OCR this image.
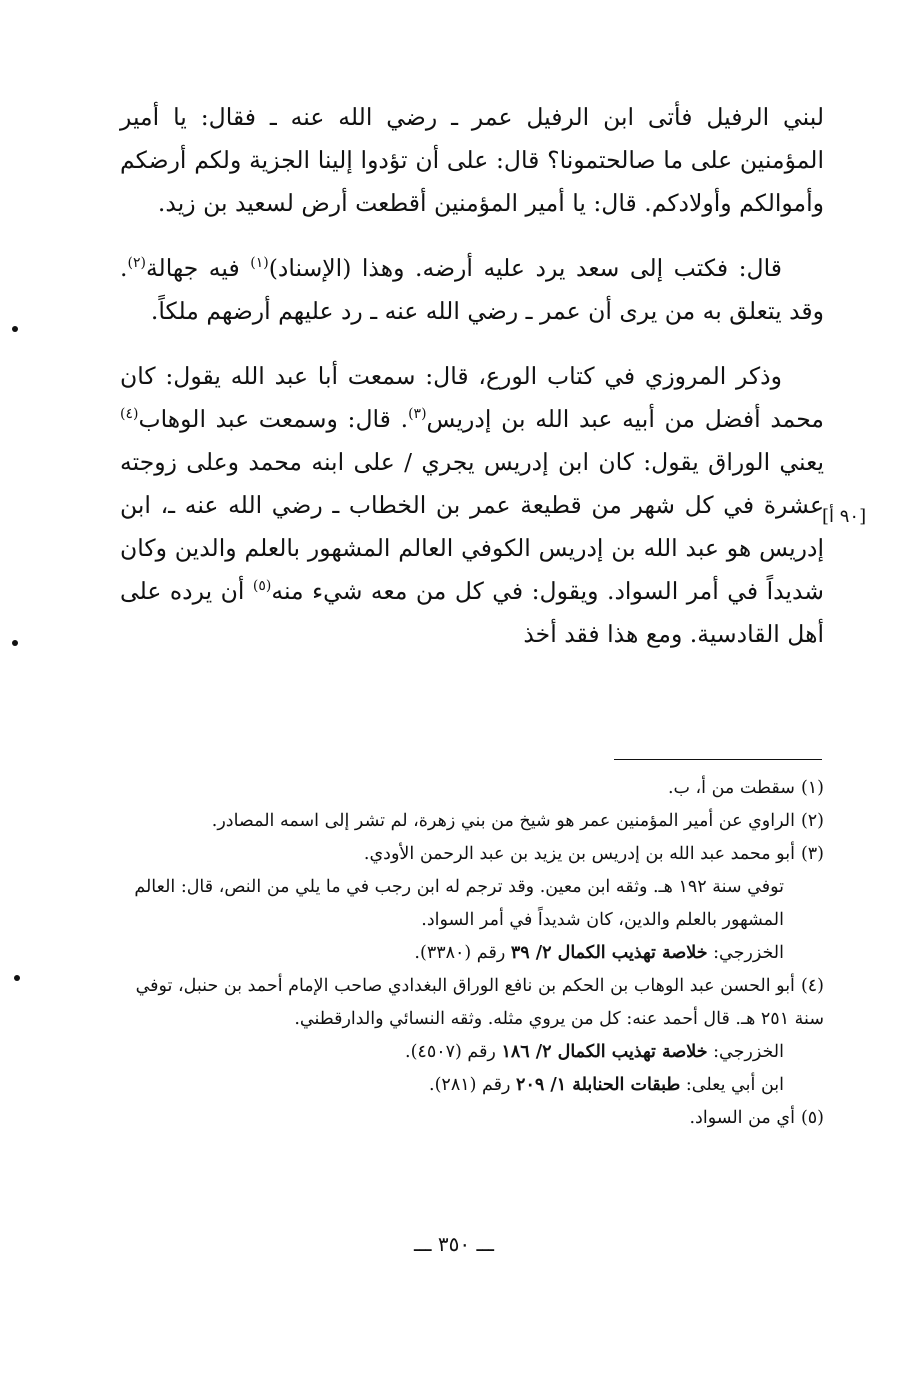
لبني الرفيل فأتى ابن الرفيل عمر ـ رضي الله عنه ـ فقال: يا أمير المؤمنين على ما صالحتمونا؟ قال: على أن تؤدوا إلينا الجزية ولكم أرضكم وأموالكم وأولادكم. قال: يا أمير المؤمنين أقطعت أرض لسعيد بن زيد.

قال: فكتب إلى سعد يرد عليه أرضه. وهذا (الإسناد)$^{(١)}$ فيه جهالة$^{(٢)}$. وقد يتعلق به من يرى أن عمر ـ رضي الله عنه ـ رد عليهم أرضهم ملكاً.

وذكر المروزي في كتاب الورع، قال: سمعت أبا عبد الله يقول: كان محمد أفضل من أبيه عبد الله بن إدريس$^{(٣)}$. قال: وسمعت عبد الوهاب$^{(٤)}$ يعني الوراق يقول: كان ابن إدريس يجري / على ابنه محمد وعلى زوجته عشرة في كل شهر من قطيعة عمر بن الخطاب ـ رضي الله عنه ـ، ابن إدريس هو عبد الله بن إدريس الكوفي العالم المشهور بالعلم والدين وكان شديداً في أمر السواد. ويقول: في كل من معه شيء منه$^{(٥)}$ أن يرده على أهل القادسية. ومع هذا فقد أخذ

[٩٠ أ]
(١)سقطت من أ، ب.
(٢)الراوي عن أمير المؤمنين عمر هو شيخ من بني زهرة، لم تشر إلى اسمه المصادر.
(٣)أبو محمد عبد الله بن إدريس بن يزيد بن عبد الرحمن الأودي.
توفي سنة ١٩٢ هـ. وثقه ابن معين. وقد ترجم له ابن رجب في ما يلي من النص، قال: العالم المشهور بالعلم والدين، كان شديداً في أمر السواد.
الخزرجي: خلاصة تهذيب الكمال ٢/ ٣٩ رقم (٣٣٨٠).
(٤)أبو الحسن عبد الوهاب بن الحكم بن نافع الوراق البغدادي صاحب الإمام أحمد بن حنبل، توفي سنة ٢٥١ هـ. قال أحمد عنه: كل من يروي مثله. وثقه النسائي والدارقطني.
الخزرجي: خلاصة تهذيب الكمال ٢/ ١٨٦ رقم (٤٥٠٧).
ابن أبي يعلى: طبقات الحنابلة ١/ ٢٠٩ رقم (٢٨١).
(٥)أي من السواد.
ـــ ٣٥٠ ـــ
